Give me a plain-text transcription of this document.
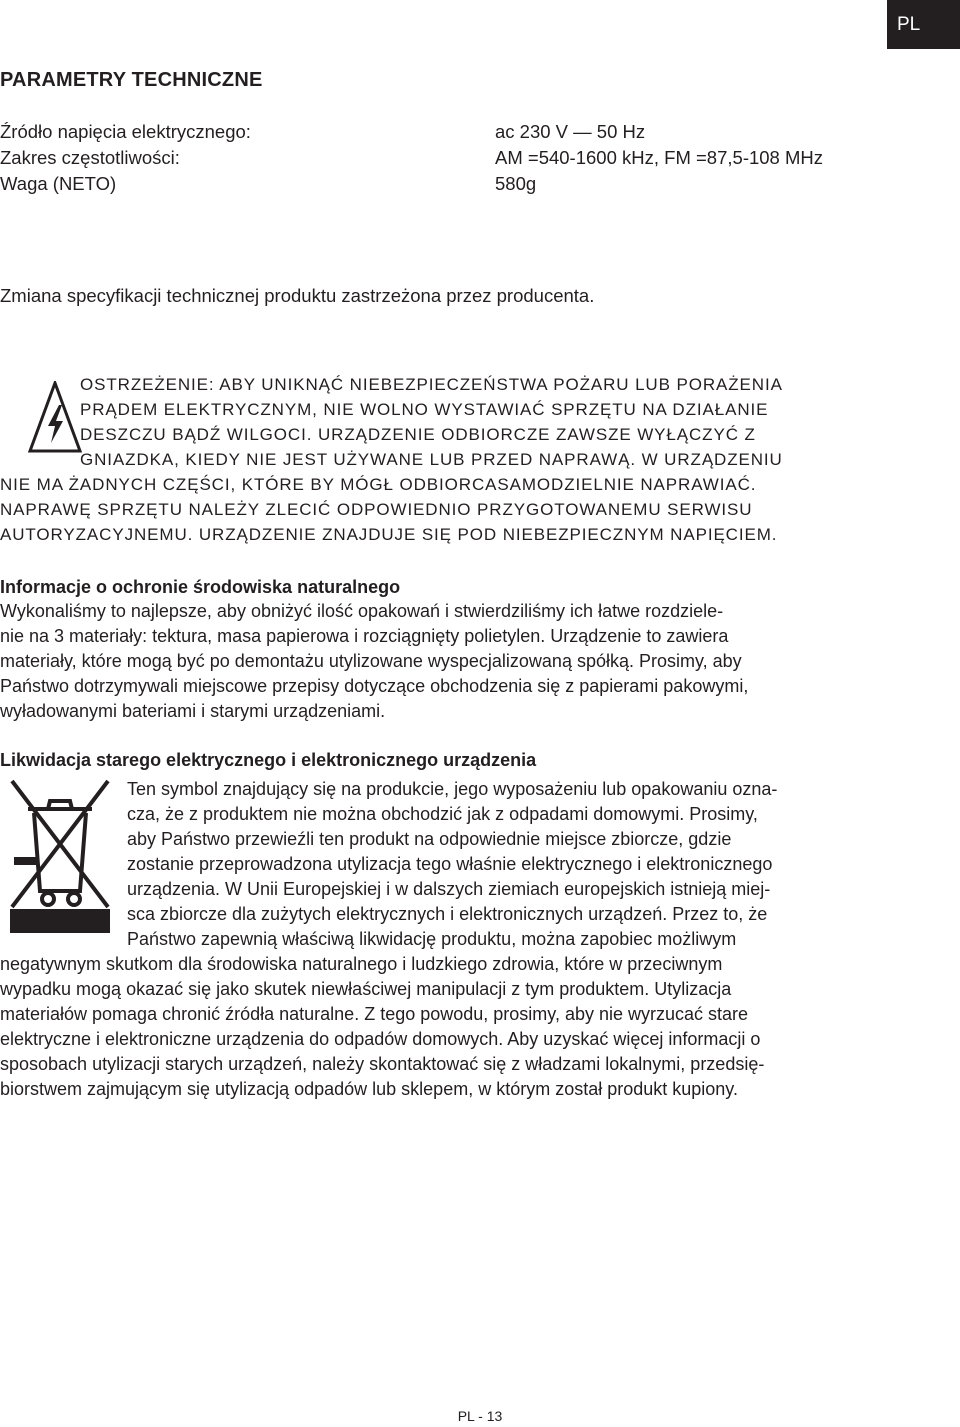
PL
PARAMETRY TECHNICZNE
Źródło napięcia elektrycznego:	ac 230 V — 50 Hz
Zakres częstotliwości:	AM =540-1600 kHz, FM =87,5-108 MHz
Waga (NETO)	580g

Zmiana specyfikacji technicznej produktu zastrzeżona przez producenta.

OSTRZEŻENIE: ABY UNIKNĄĆ NIEBEZPIECZEŃSTWA POŻARU LUB PORAŻENIA

PRĄDEM ELEKTRYCZNYM, NIE WOLNO WYSTAWIAĆ SPRZĘTU NA DZIAŁANIE

DESZCZU BĄDŹ WILGOCI. URZĄDZENIE ODBIORCZE ZAWSZE WYŁĄCZYĆ Z

GNIAZDKA, KIEDY NIE JEST UŻYWANE LUB PRZED NAPRAWĄ. W URZĄDZENIU

NIE MA ŻADNYCH CZĘŚCI, KTÓRE BY MÓGŁ ODBIORCASAMODZIELNIE NAPRAWIAĆ.

NAPRAWĘ SPRZĘTU NALEŻY ZLECIĆ ODPOWIEDNIO PRZYGOTOWANEMU SERWISU

AUTORYZACYJNEMU. URZĄDZENIE ZNAJDUJE SIĘ POD NIEBEZPIECZNYM NAPIĘCIEM.

Informacje o ochronie środowiska naturalnego

Wykonaliśmy to najlepsze, aby obniżyć ilość opakowań i stwierdziliśmy ich łatwe rozdziele-

nie na 3 materiały: tektura, masa papierowa i rozciągnięty polietylen. Urządzenie to zawiera

materiały, które mogą być po demontażu utylizowane wyspecjalizowaną spółką. Prosimy, aby

Państwo dotrzymywali miejscowe przepisy dotyczące obchodzenia się z papierami pakowymi,

wyładowanymi bateriami i starymi urządzeniami.

Likwidacja starego elektrycznego i elektronicznego urządzenia

Ten symbol znajdujący się na produkcie, jego wyposażeniu lub opakowaniu ozna-

cza, że z produktem nie można obchodzić jak z odpadami domowymi. Prosimy,

aby Państwo przewieźli ten produkt na odpowiednie miejsce zbiorcze, gdzie

zostanie przeprowadzona utylizacja tego właśnie elektrycznego i elektronicznego

urządzenia. W Unii Europejskiej i w dalszych ziemiach europejskich istnieją miej-

sca zbiorcze dla zużytych elektrycznych i elektronicznych urządzeń. Przez to, że

Państwo zapewnią właściwą likwidację produktu, można zapobiec możliwym

negatywnym skutkom dla środowiska naturalnego i ludzkiego zdrowia, które w przeciwnym

wypadku mogą okazać się jako skutek niewłaściwej manipulacji z tym produktem. Utylizacja

materiałów pomaga chronić źródła naturalne. Z tego powodu, prosimy, aby nie wyrzucać stare

elektryczne i elektroniczne urządzenia do odpadów domowych. Aby uzyskać więcej informacji o

sposobach utylizacji starych urządzeń, należy skontaktować się z władzami lokalnymi, przedsię-

biorstwem zajmującym się utylizacją odpadów lub sklepem, w którym został produkt kupiony.

PL - 13
